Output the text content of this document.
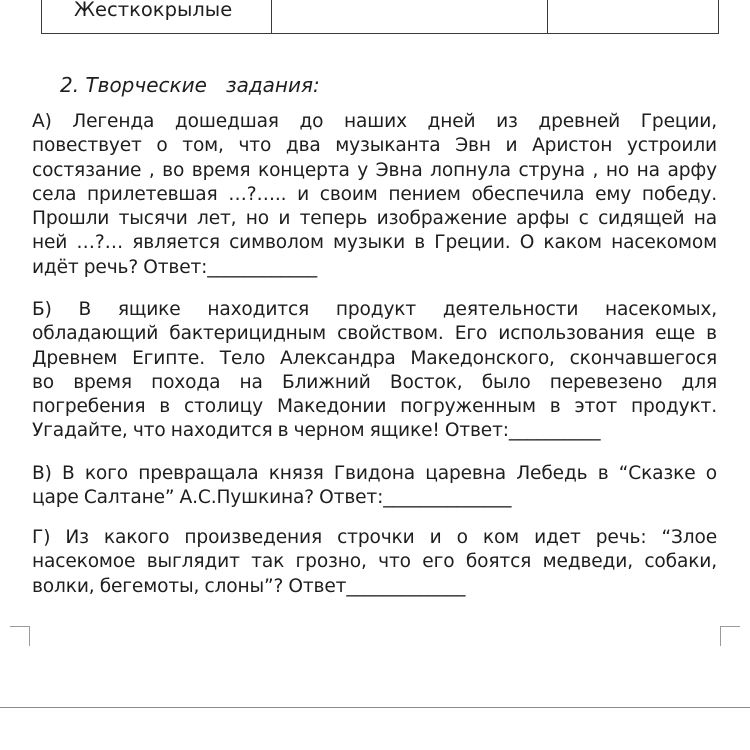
Жесткокрылые
2. Творческие   задания:
А) Легенда дошедшая до наших дней из древней Греции,
повествует о том, что два музыканта Эвн и Аристон устроили
состязание , во время концерта у Эвна лопнула струна , но на арфу
села прилетевшая …?….. и своим пением обеспечила ему победу.
Прошли тысячи лет, но и теперь изображение арфы с сидящей на
ней …?… является символом музыки в Греции. О каком насекомом
идёт речь? Ответ:____________
Б) В ящике находится продукт деятельности насекомых,
обладающий бактерицидным свойством. Его использования еще в
Древнем Египте. Тело Александра Македонского, скончавшегося
во время похода на Ближний Восток, было перевезено для
погребения в столицу Македонии погруженным в этот продукт.
Угадайте, что находится в черном ящике! Ответ:__________
В) В кого превращала князя Гвидона царевна Лебедь в “Сказке о
царе Салтане” А.С.Пушкина? Ответ:______________
Г) Из какого произведения строчки и о ком идет речь: “Злое
насекомое выглядит так грозно, что его боятся медведи, собаки,
волки, бегемоты, слоны”? Ответ_____________
